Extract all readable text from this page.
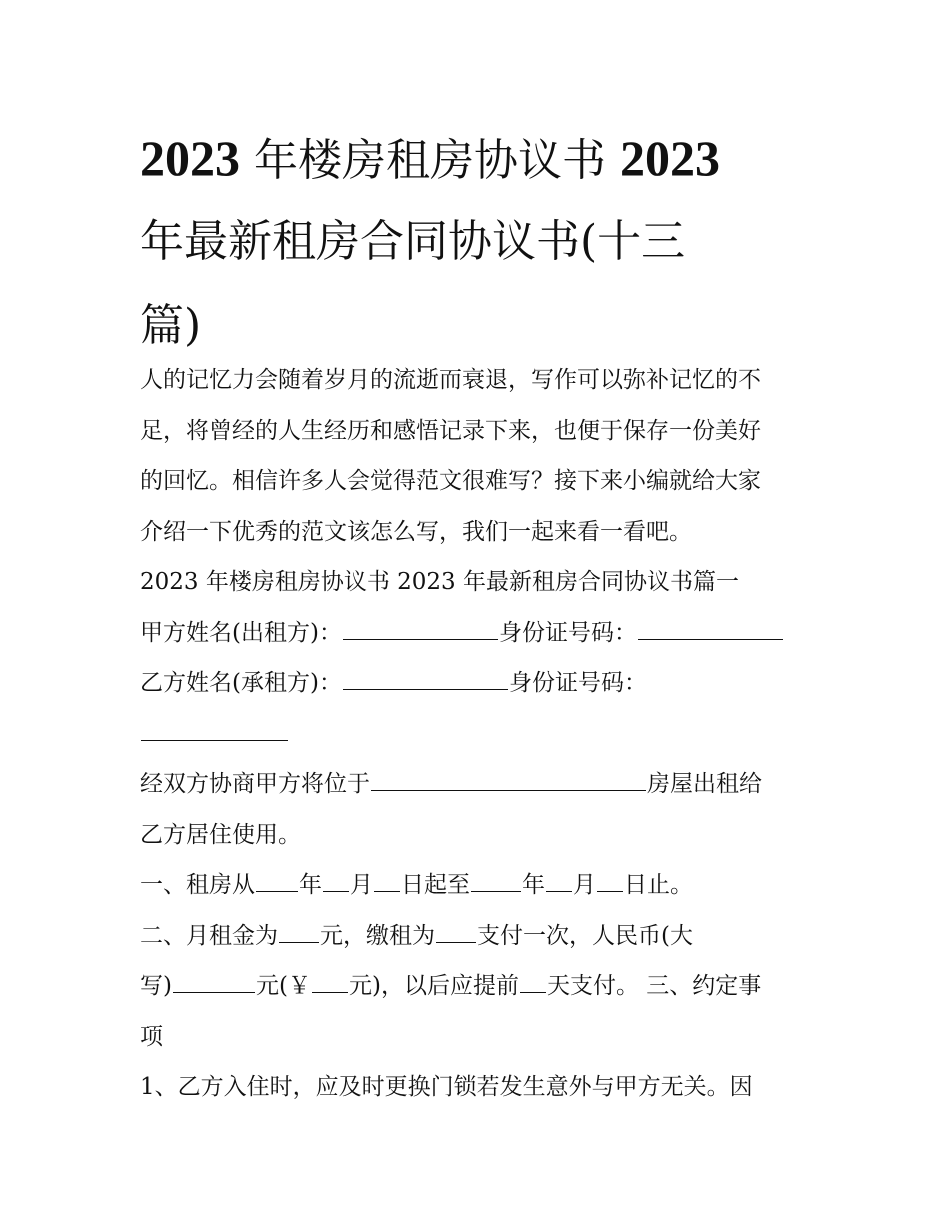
2023 年楼房租房协议书 2023
年最新租房合同协议书(十三
篇)
人的记忆力会随着岁月的流逝而衰退，写作可以弥补记忆的不
足，将曾经的人生经历和感悟记录下来，也便于保存一份美好
的回忆。相信许多人会觉得范文很难写？接下来小编就给大家
介绍一下优秀的范文该怎么写，我们一起来看一看吧。
2023 年楼房租房协议书 2023 年最新租房合同协议书篇一
甲方姓名(出租方)：	身份证号码：
乙方姓名(承租方)：	身份证号码：
经双方协商甲方将位于	房屋出租给
乙方居住使用。
一、租房从 年 月 日起至 年 月 日止。
二、月租金为 元，缴租为 支付一次，人民币(大
写)	元(￥ 元)，以后应提前 天支付。 三、约定事
项
1、乙方入住时，应及时更换门锁若发生意外与甲方无关。因
